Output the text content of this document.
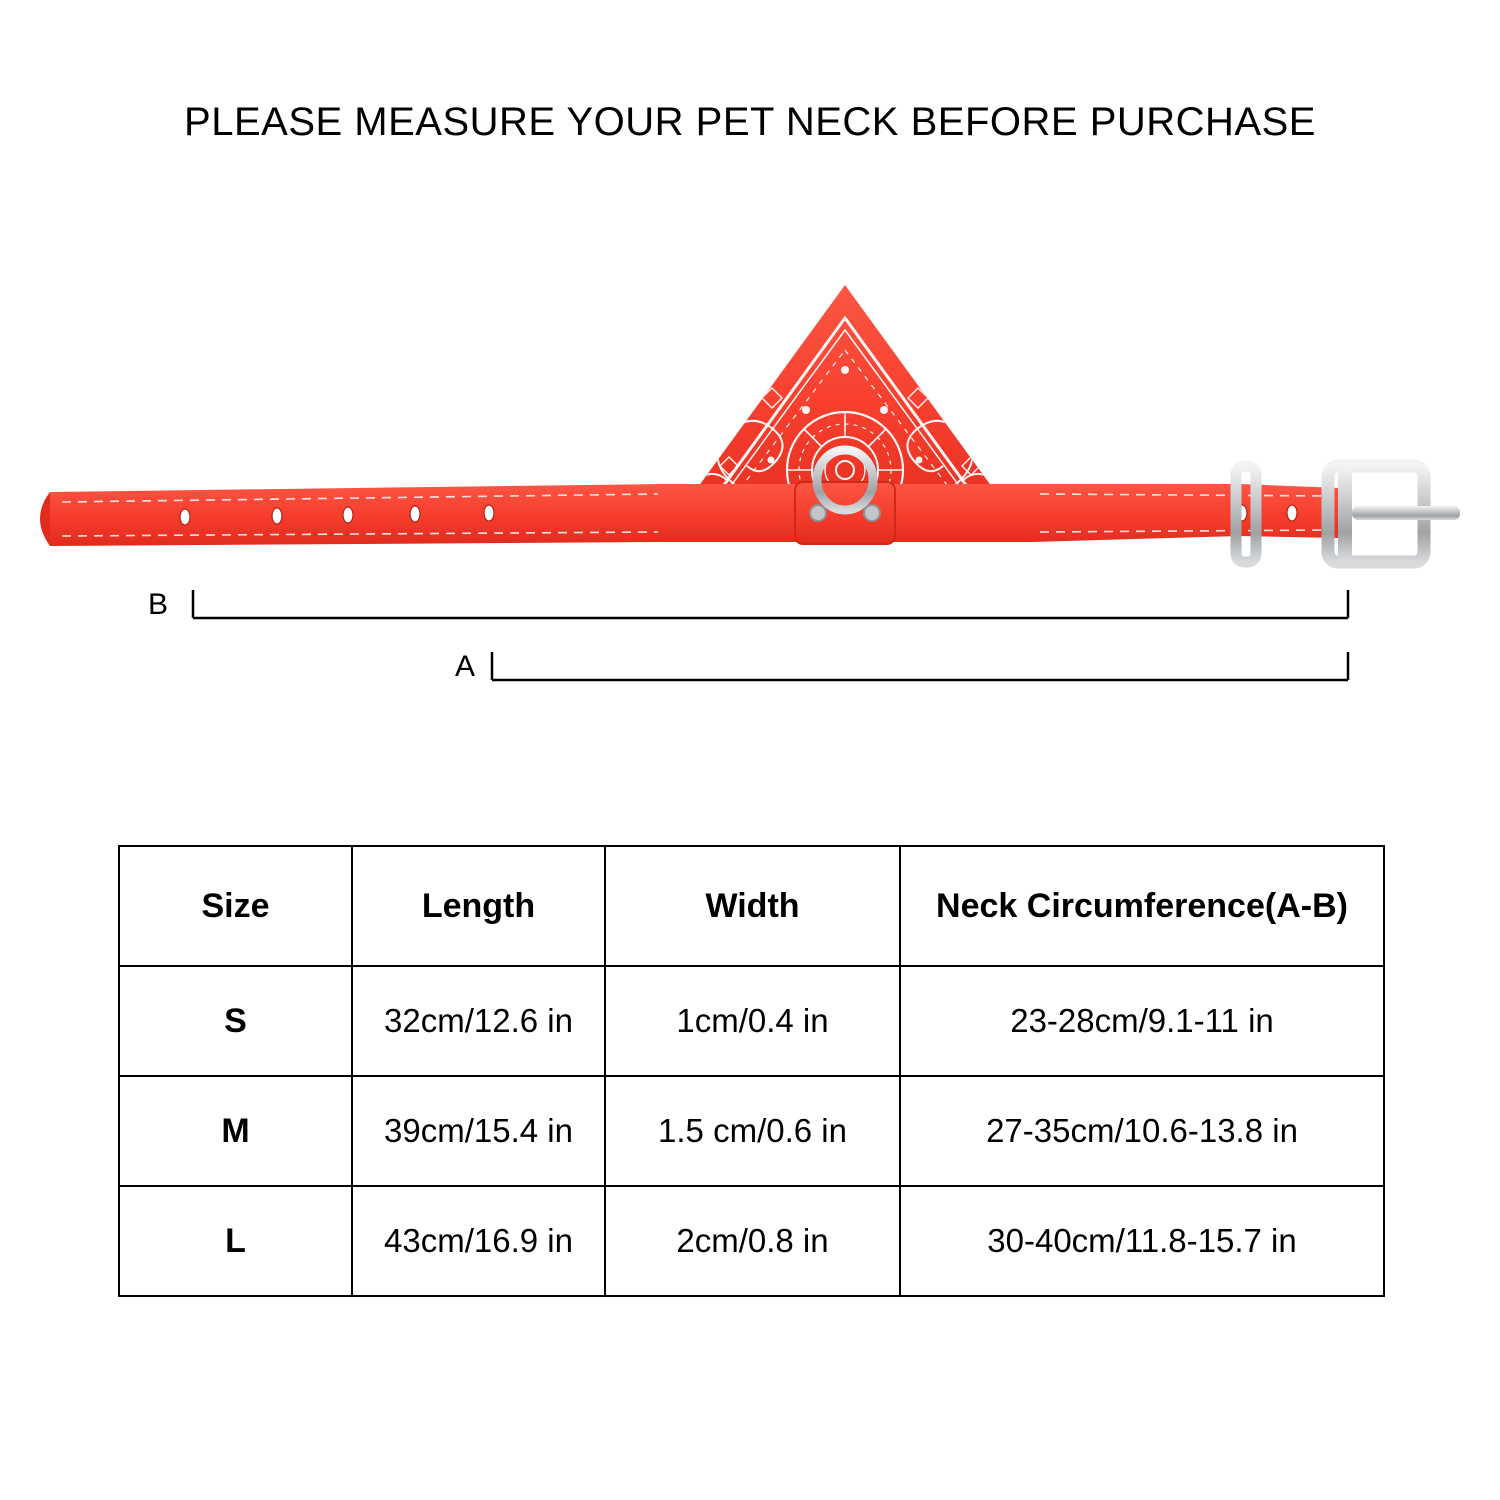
PLEASE MEASURE YOUR PET NECK BEFORE PURCHASE
B
A
Size	Length	Width	Neck Circumference(A-B)
S	32cm/12.6 in	1cm/0.4 in	23-28cm/9.1-11 in
M	39cm/15.4 in	1.5 cm/0.6 in	27-35cm/10.6-13.8 in
L	43cm/16.9 in	2cm/0.8 in	30-40cm/11.8-15.7 in
